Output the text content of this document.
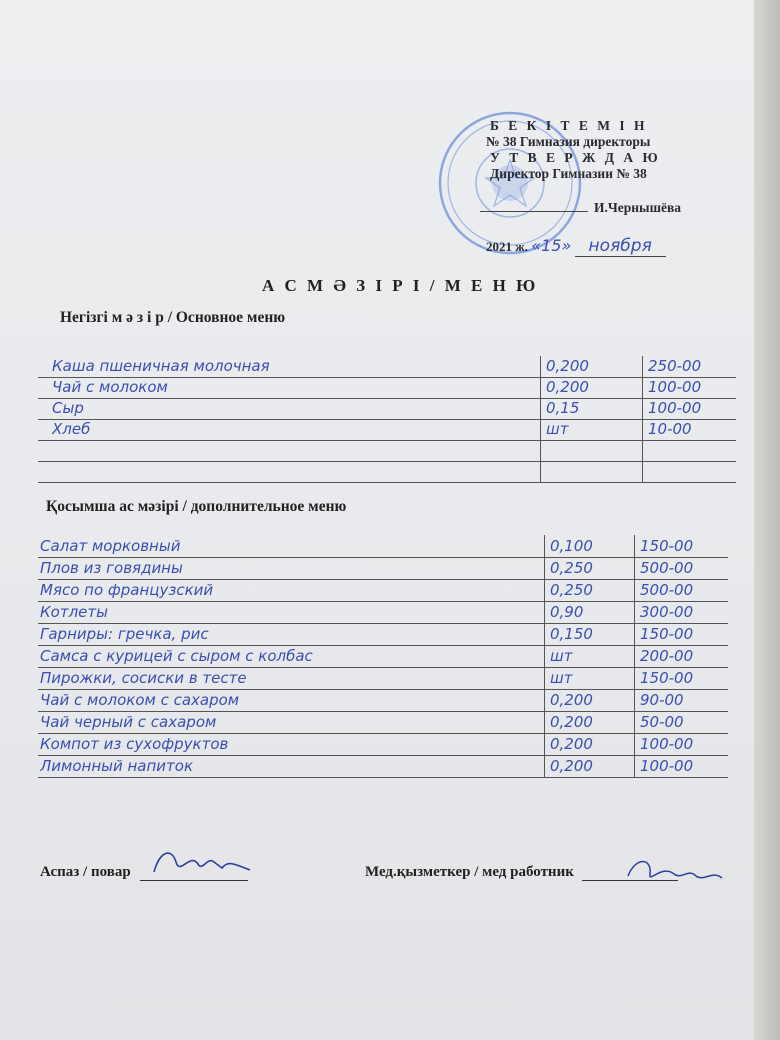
Б Е К І Т Е М І Н
№ 38 Гимназия директоры
У Т В Е Р Ж Д А Ю
Директор Гимназии № 38
И.Чернышёва
2021 ж. «15» ноября
А С М Ә З І Р І / М Е Н Ю
Негізгі м ә з і р / Основное меню
Каша пшеничная молочная	0,200	250-00
Чай с молоком	0,200	100-00
Сыр	0,15	100-00
Хлеб	шт	10-00
Қосымша ас мәзірі / дополнительное меню
Салат морковный	0,100	150-00
Плов из говядины	0,250	500-00
Мясо по французский	0,250	500-00
Котлеты	0,90	300-00
Гарниры: гречка, рис	0,150	150-00
Самса с курицей с сыром с колбас	шт	200-00
Пирожки, сосиски в тесте	шт	150-00
Чай с молоком с сахаром	0,200	90-00
Чай черный с сахаром	0,200	50-00
Компот из сухофруктов	0,200	100-00
Лимонный напиток	0,200	100-00
Аспаз / повар	Мед.қызметкер / мед работник
